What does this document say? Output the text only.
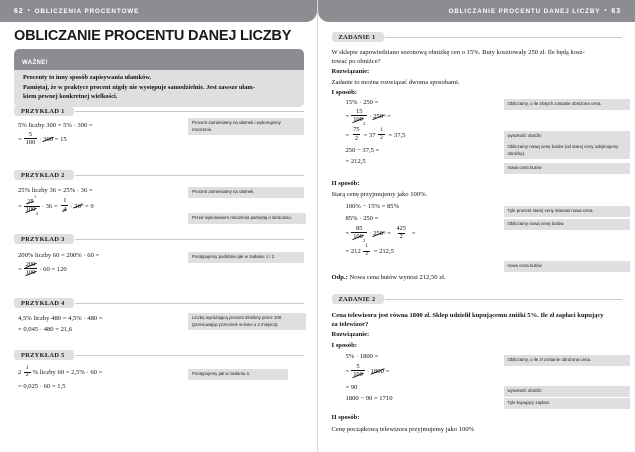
62 • OBLICZENIA PROCENTOWE
OBLICZANIE PROCENTU DANEJ LICZBY
WAŻNE!

Procenty to inny sposób zapisywania ułamków.

Pamiętaj, że w praktyce procent nigdy nie występuje samodzielnie. Jest zawsze ułam-

kiem pewnej konkretnej wielkości.

PRZYKŁAD 1
5% liczby 300 = 5% · 300 =
= $\frac{5}{100} \cdot 300$
= 15
Procent zamieniamy na ułamek i wykonujemy mnożenie.
PRZYKŁAD 2
25% liczby 36 = 25% · 36 =
= $\frac{25^1}{100_4} \cdot 36 = \frac{1}{4} \cdot 36$ 9
= 9
Procent zamieniamy na ułamek.
Przed wykonaniem mnożenia pamiętaj o skracaniu.
PRZYKŁAD 3
200% liczby 60 = 200% · 60 =
= $\frac{200}{100} \cdot 60$
= 120
Postępujemy podobnie jak w zadaniu 1 i 2.
PRZYKŁAD 4
4,5% liczby 480 = 4,5% · 480 =
= 0,045 · 480 = 21,6
Liczbę wyrażającą procent dzielimy przez 100 (przesuwając przecinek w lewo o 2 miejsca).
PRZYKŁAD 5
$2 \frac{1}{2}$ % liczby 60 = 2,5% · 60 =
= 0,025 · 60 = 1,5
Postępujemy jak w zadaniu 4.
OBLICZANIE PROCENTU DANEJ LICZBY • 63
ZADANIE 1
W sklepie zapowiedziano sezonową obniżkę cen o 15%. Buty kosztowały 250 zł. Ile będą kosz-
tować po obniżce?
Rozwiązanie:
Zadanie to można rozwiązać dwoma sposobami.
I sposób:
15% · 250 =
= $\frac{15}{100_2} \cdot 250$ 5 =
= $\frac{75}{2} = 37 \frac{1}{2}$
= 37,5
250 − 37,5 =
= 212,5
Obliczamy, o ile złotych zostanie obniżona cena.
wysokość obniżki
Obliczamy nową cenę butów (od starej ceny odejmujemy obniżkę).
nowa cena butów
II sposób:
Starą cenę przyjmujemy jako 100%.
100% − 15% = 85%
85% · 250 =
= $\frac{85}{100_2} \cdot 250$ $5 = \frac{425}{2}$ =
= $212 \frac{1}{2}$
= 212,5
Tyle procent starej ceny stanowi nowa cena.
Obliczamy nową cenę butów.
nowa cena butów
Odp.: Nowa cena butów wynosi 212,50 zł.
ZADANIE 2
Cena telewizora jest równa 1800 zł. Sklep udzielił kupującemu zniżki 5%. Ile zł zapłaci kupujący
za telewizor?
Rozwiązanie:
I sposób:
5% · 1800 =
= $\frac{5}{100} \cdot 1800$ =
= 90
1800 − 90 = 1710
Obliczamy, o ile zł zostanie obniżona cena.
wysokość obniżki
Tyle kupujący zapłaci.
II sposób:
Cenę początkową telewizora przyjmujemy jako 100%
